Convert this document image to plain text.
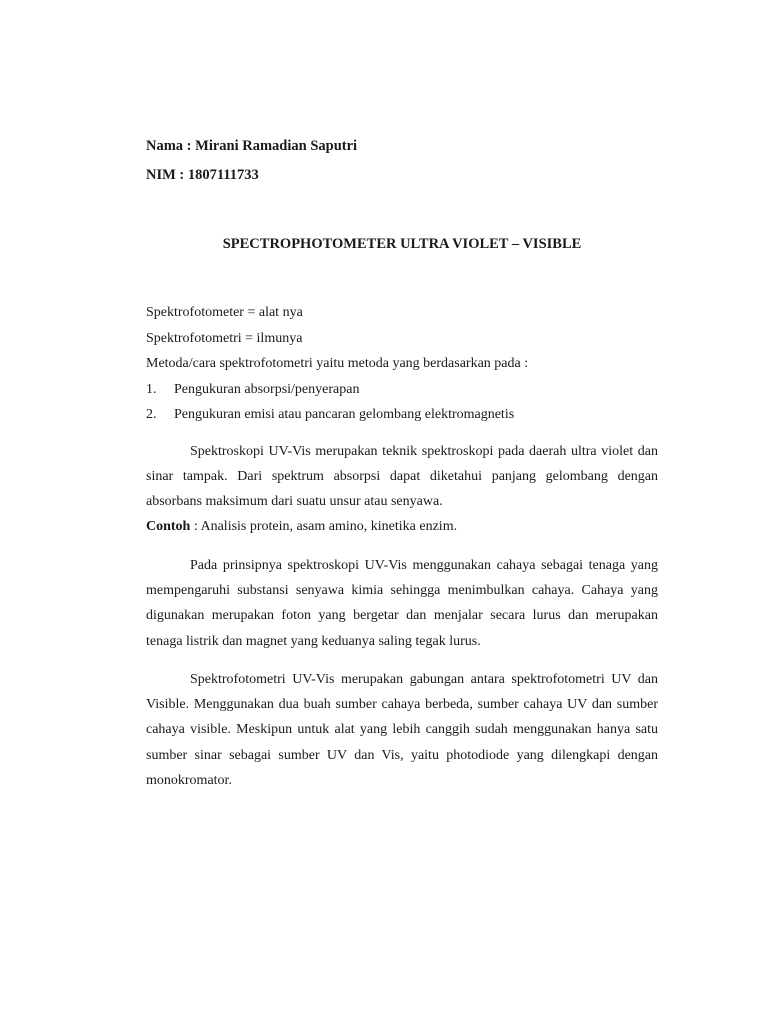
Nama : Mirani Ramadian Saputri
NIM : 1807111733
SPECTROPHOTOMETER ULTRA VIOLET – VISIBLE
Spektrofotometer = alat nya
Spektrofotometri = ilmunya
Metoda/cara spektrofotometri yaitu metoda yang berdasarkan pada :
1.	Pengukuran absorpsi/penyerapan
2.	Pengukuran emisi atau pancaran gelombang elektromagnetis

Spektroskopi UV-Vis merupakan teknik spektroskopi pada daerah ultra violet dan sinar tampak. Dari spektrum absorpsi dapat diketahui panjang gelombang dengan absorbans maksimum dari suatu unsur atau senyawa.

Contoh : Analisis protein, asam amino, kinetika enzim.

Pada prinsipnya spektroskopi UV-Vis menggunakan cahaya sebagai tenaga yang mempengaruhi substansi senyawa kimia sehingga menimbulkan cahaya. Cahaya yang digunakan merupakan foton yang bergetar dan menjalar secara lurus dan merupakan tenaga listrik dan magnet yang keduanya saling tegak lurus.

Spektrofotometri UV-Vis merupakan gabungan antara spektrofotometri UV dan Visible. Menggunakan dua buah sumber cahaya berbeda, sumber cahaya UV dan sumber cahaya visible. Meskipun untuk alat yang lebih canggih sudah menggunakan hanya satu sumber sinar sebagai sumber UV dan Vis, yaitu photodiode yang dilengkapi dengan monokromator.
